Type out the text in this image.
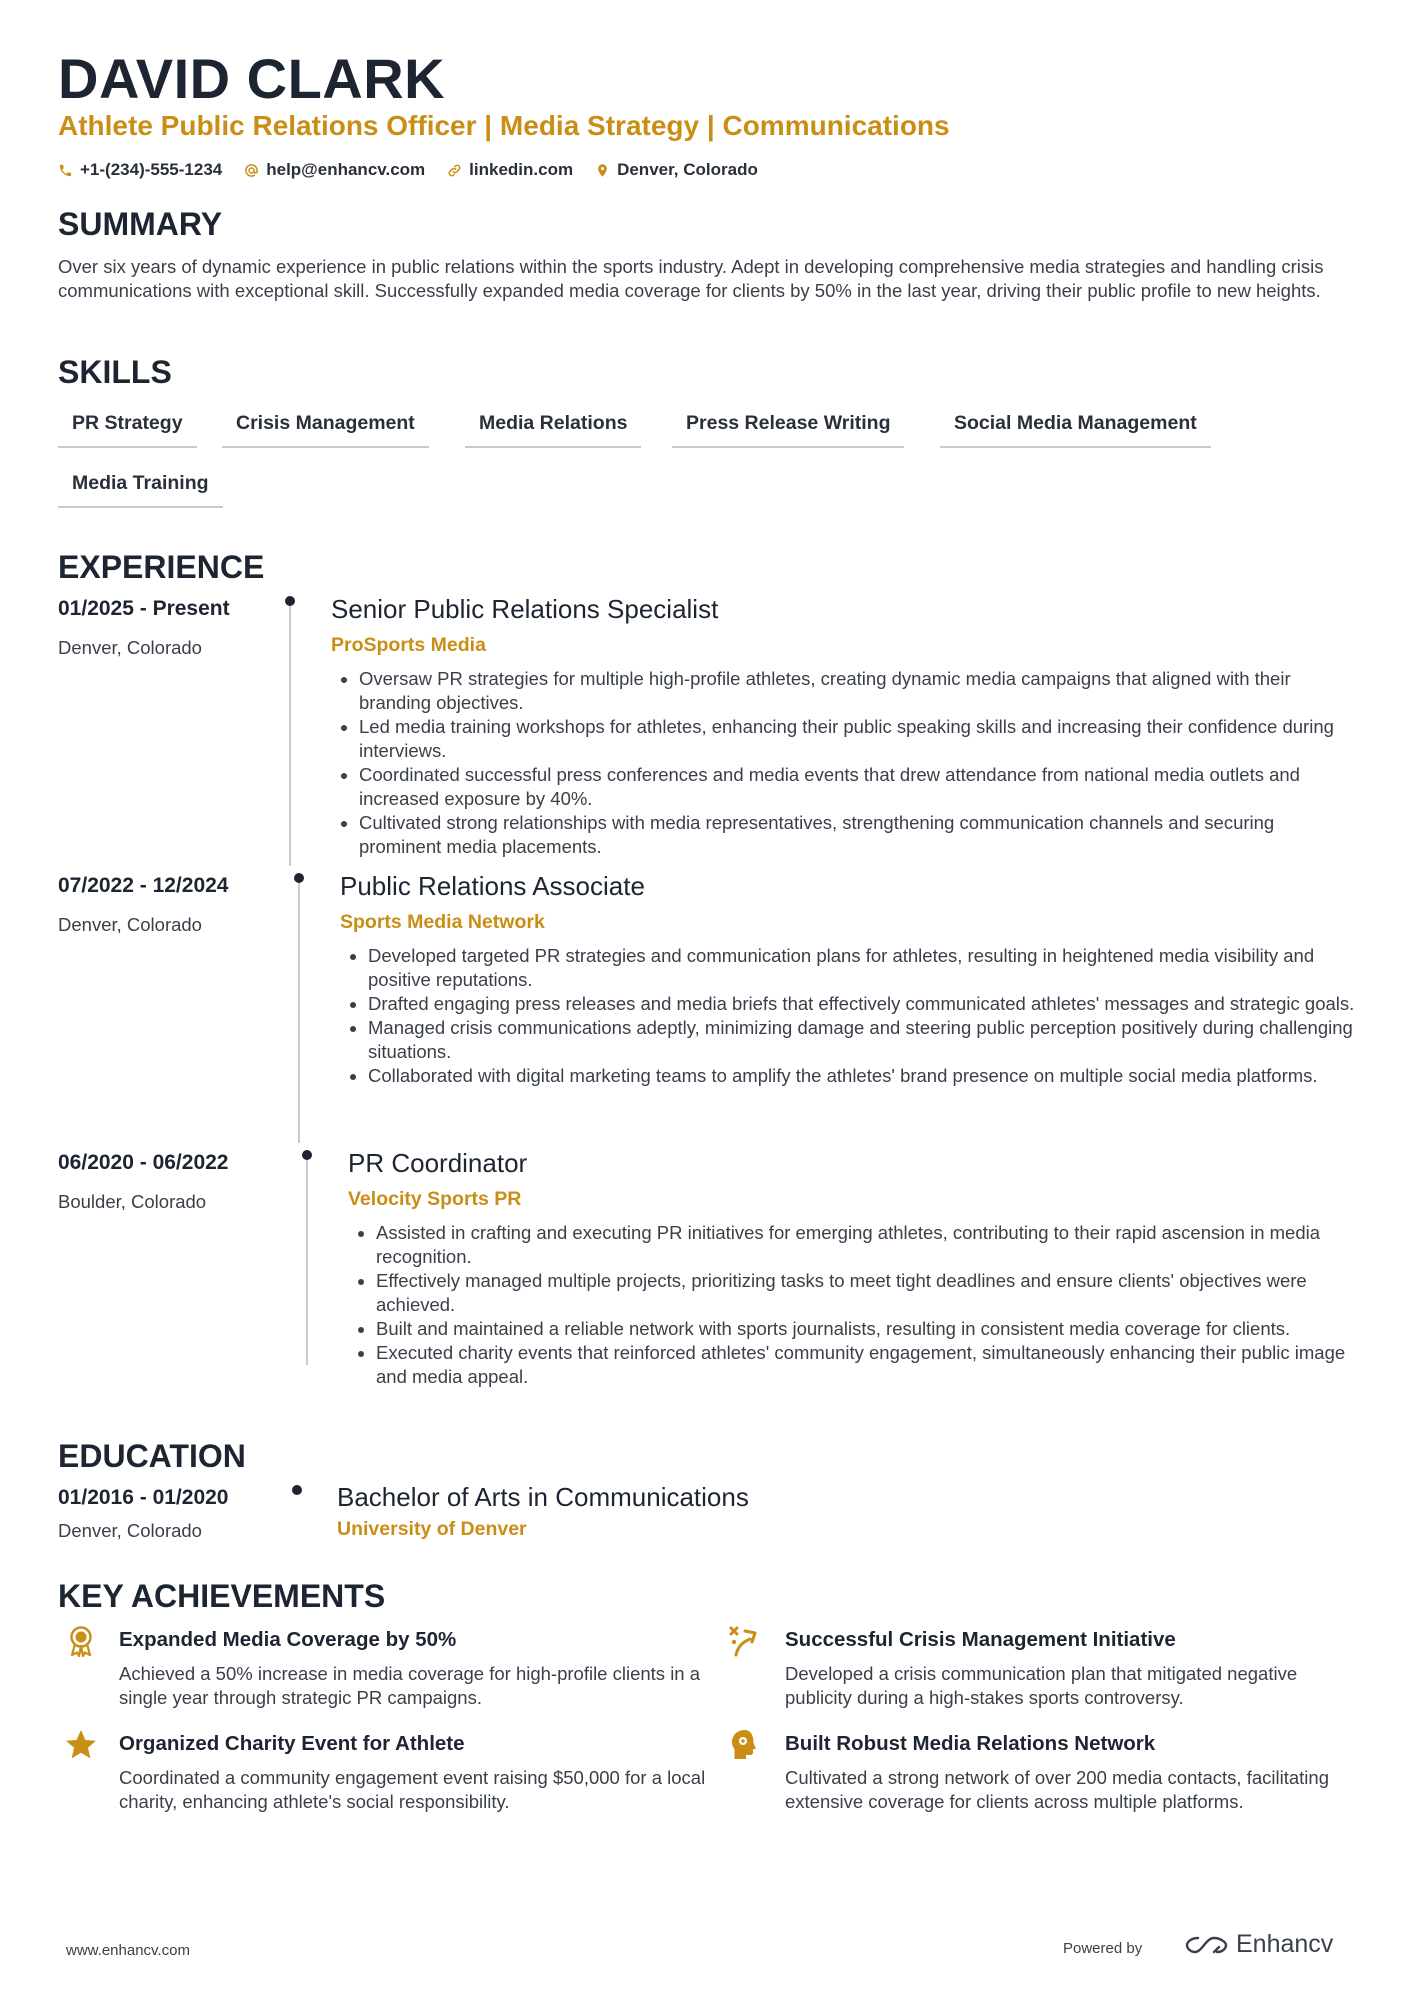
DAVID CLARK
Athlete Public Relations Officer | Media Strategy | Communications
+1-(234)-555-1234	help@enhancv.com	linkedin.com	Denver, Colorado
SUMMARY
Over six years of dynamic experience in public relations within the sports industry. Adept in developing comprehensive media strategies and handling crisis communications with exceptional skill. Successfully expanded media coverage for clients by 50% in the last year, driving their public profile to new heights.
SKILLS
PR Strategy	Crisis Management	Media Relations	Press Release Writing	Social Media Management
Media Training
EXPERIENCE
01/2025 - Present
Denver, Colorado
Senior Public Relations Specialist
ProSports Media
Oversaw PR strategies for multiple high-profile athletes, creating dynamic media campaigns that aligned with their branding objectives.
Led media training workshops for athletes, enhancing their public speaking skills and increasing their confidence during interviews.
Coordinated successful press conferences and media events that drew attendance from national media outlets and increased exposure by 40%.
Cultivated strong relationships with media representatives, strengthening communication channels and securing prominent media placements.
07/2022 - 12/2024
Denver, Colorado
Public Relations Associate
Sports Media Network
Developed targeted PR strategies and communication plans for athletes, resulting in heightened media visibility and positive reputations.
Drafted engaging press releases and media briefs that effectively communicated athletes' messages and strategic goals.
Managed crisis communications adeptly, minimizing damage and steering public perception positively during challenging situations.
Collaborated with digital marketing teams to amplify the athletes' brand presence on multiple social media platforms.
06/2020 - 06/2022
Boulder, Colorado
PR Coordinator
Velocity Sports PR
Assisted in crafting and executing PR initiatives for emerging athletes, contributing to their rapid ascension in media recognition.
Effectively managed multiple projects, prioritizing tasks to meet tight deadlines and ensure clients' objectives were achieved.
Built and maintained a reliable network with sports journalists, resulting in consistent media coverage for clients.
Executed charity events that reinforced athletes' community engagement, simultaneously enhancing their public image and media appeal.
EDUCATION
01/2016 - 01/2020
Denver, Colorado
Bachelor of Arts in Communications
University of Denver
KEY ACHIEVEMENTS
Expanded Media Coverage by 50%
Achieved a 50% increase in media coverage for high-profile clients in a single year through strategic PR campaigns.
Successful Crisis Management Initiative
Developed a crisis communication plan that mitigated negative publicity during a high-stakes sports controversy.
Organized Charity Event for Athlete
Coordinated a community engagement event raising $50,000 for a local charity, enhancing athlete's social responsibility.
Built Robust Media Relations Network
Cultivated a strong network of over 200 media contacts, facilitating extensive coverage for clients across multiple platforms.
www.enhancv.com	Powered by	Enhancv
